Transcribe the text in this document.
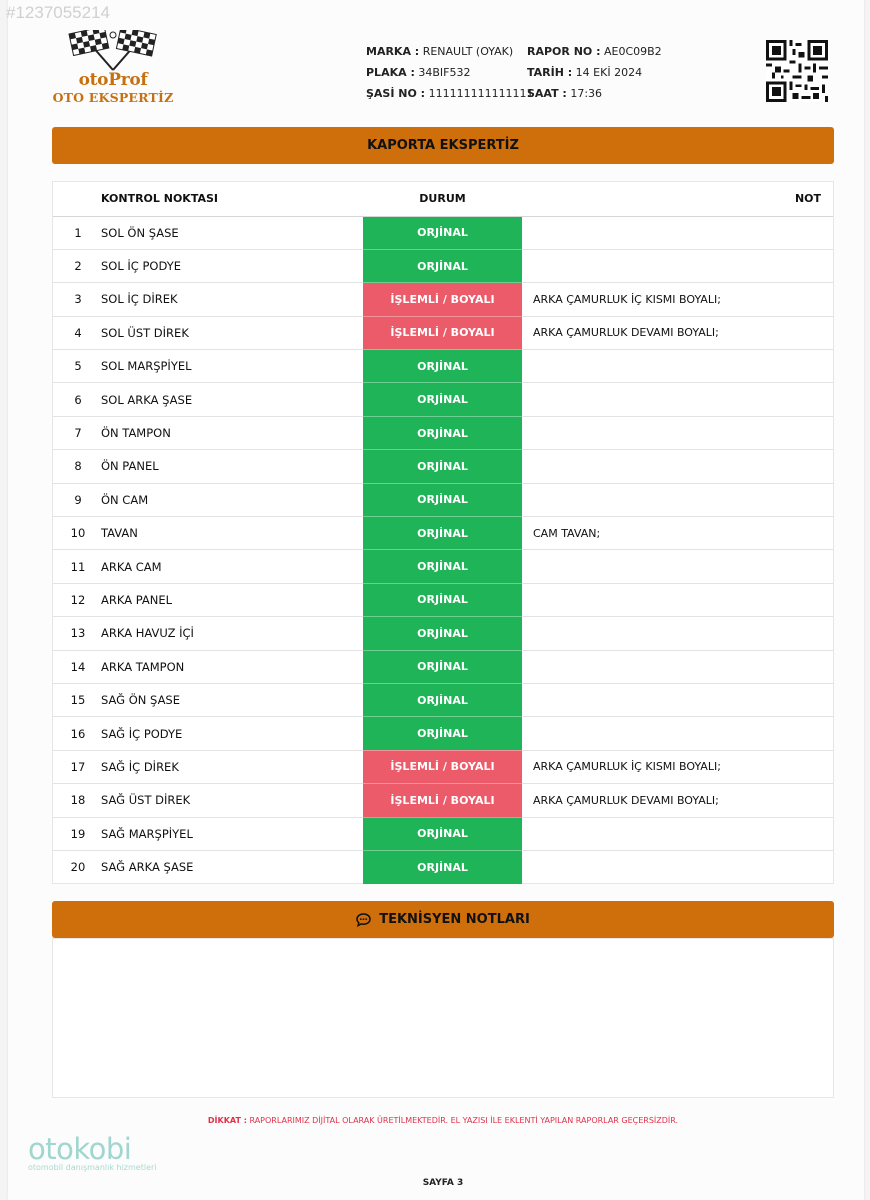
otoProf
OTO EKSPERTİZ
MARKA : RENAULT (OYAK)
PLAKA : 34BIF532
ŞASİ NO : 111111111111111
RAPOR NO : AE0C09B2
TARİH : 14 EKİ 2024
SAAT : 17:36
KAPORTA EKSPERTİZ
	KONTROL NOKTASI	DURUM	NOT
1	SOL ÖN ŞASE	ORJİNAL	
2	SOL İÇ PODYE	ORJİNAL	
3	SOL İÇ DİREK	İŞLEMLİ / BOYALI	ARKA ÇAMURLUK İÇ KISMI BOYALI;
4	SOL ÜST DİREK	İŞLEMLİ / BOYALI	ARKA ÇAMURLUK DEVAMI BOYALI;
5	SOL MARŞPİYEL	ORJİNAL	
6	SOL ARKA ŞASE	ORJİNAL	
7	ÖN TAMPON	ORJİNAL	
8	ÖN PANEL	ORJİNAL	
9	ÖN CAM	ORJİNAL	
10	TAVAN	ORJİNAL	CAM TAVAN;
11	ARKA CAM	ORJİNAL	
12	ARKA PANEL	ORJİNAL	
13	ARKA HAVUZ İÇİ	ORJİNAL	
14	ARKA TAMPON	ORJİNAL	
15	SAĞ ÖN ŞASE	ORJİNAL	
16	SAĞ İÇ PODYE	ORJİNAL	
17	SAĞ İÇ DİREK	İŞLEMLİ / BOYALI	ARKA ÇAMURLUK İÇ KISMI BOYALI;
18	SAĞ ÜST DİREK	İŞLEMLİ / BOYALI	ARKA ÇAMURLUK DEVAMI BOYALI;
19	SAĞ MARŞPİYEL	ORJİNAL	
20	SAĞ ARKA ŞASE	ORJİNAL	
TEKNİSYEN NOTLARI
DİKKAT : RAPORLARIMIZ DİJİTAL OLARAK ÜRETİLMEKTEDİR. EL YAZISI İLE EKLENTİ YAPILAN RAPORLAR GEÇERSİZDİR.
otokobi
otomobil danışmanlık hizmetleri
SAYFA 3
#1237055214
